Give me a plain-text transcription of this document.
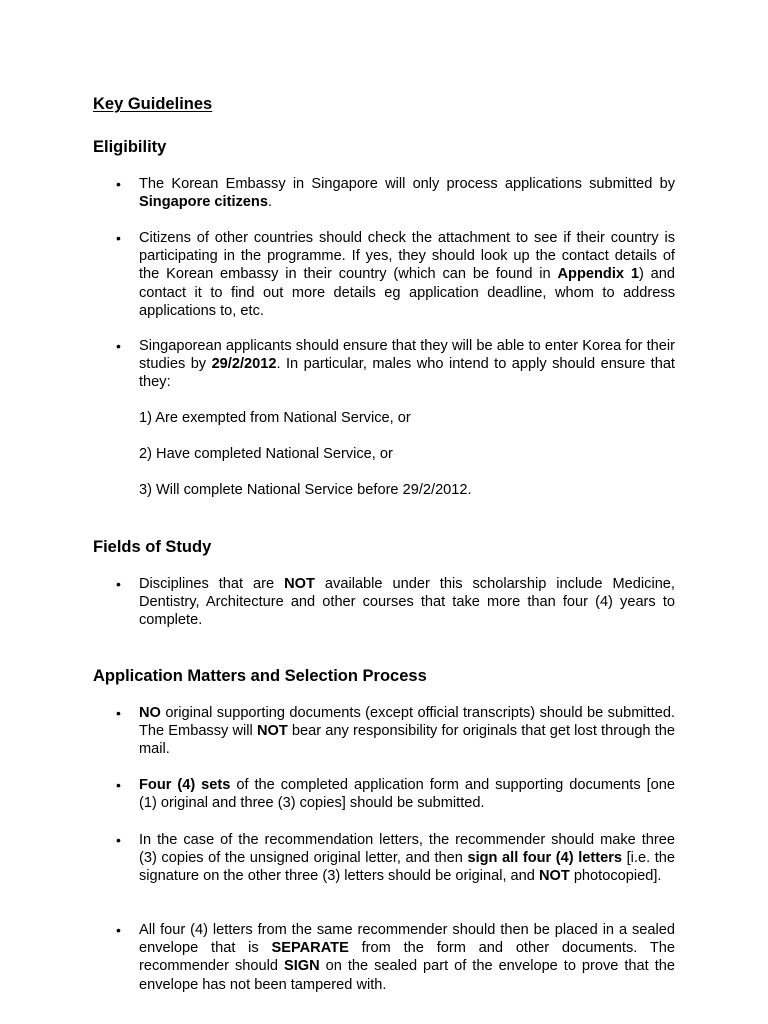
Key Guidelines
Eligibility
•	The Korean Embassy in Singapore will only process applications submitted by Singapore citizens.
•	Citizens of other countries should check the attachment to see if their country is participating in the programme. If yes, they should look up the contact details of the Korean embassy in their country (which can be found in Appendix 1) and contact it to find out more details eg application deadline, whom to address applications to, etc.
•	Singaporean applicants should ensure that they will be able to enter Korea for their studies by 29/2/2012. In particular, males who intend to apply should ensure that they:
1) Are exempted from National Service, or
2) Have completed National Service, or
3) Will complete National Service before 29/2/2012.
Fields of Study
•	Disciplines that are NOT available under this scholarship include Medicine, Dentistry, Architecture and other courses that take more than four (4) years to complete.
Application Matters and Selection Process
•	NO original supporting documents (except official transcripts) should be submitted. The Embassy will NOT bear any responsibility for originals that get lost through the mail.
•	Four (4) sets of the completed application form and supporting documents [one (1) original and three (3) copies] should be submitted.
•	In the case of the recommendation letters, the recommender should make three (3) copies of the unsigned original letter, and then sign all four (4) letters [i.e. the signature on the other three (3) letters should be original, and NOT photocopied].
•	All four (4) letters from the same recommender should then be placed in a sealed envelope that is SEPARATE from the form and other documents. The recommender should SIGN on the sealed part of the envelope to prove that the envelope has not been tampered with.
